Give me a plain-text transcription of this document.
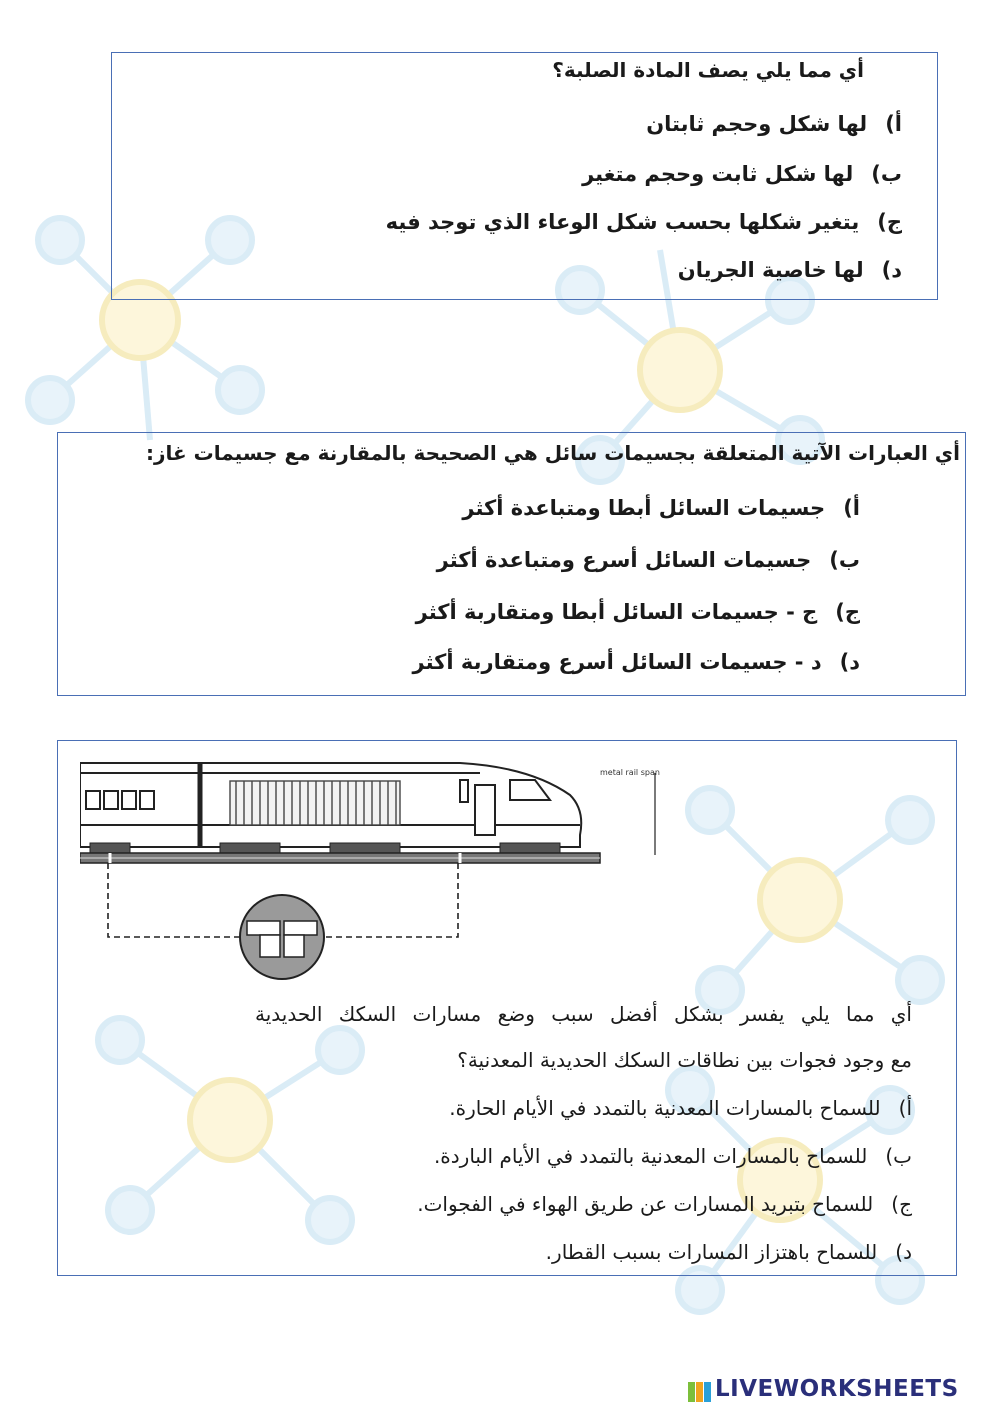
أي مما يلي يصف المادة الصلبة؟
أ)لها شكل وحجم ثابتان
ب)لها شكل ثابت وحجم متغير
ج)يتغير شكلها بحسب شكل الوعاء الذي توجد فيه
د)لها خاصية الجريان
أي العبارات الآتية المتعلقة بجسيمات سائل هي الصحيحة بالمقارنة مع جسيمات غاز:
أ)جسيمات السائل أبطا ومتباعدة أكثر
ب)جسيمات السائل أسرع ومتباعدة أكثر
ج)ج - جسيمات السائل أبطا ومتقاربة أكثر
د)د - جسيمات السائل أسرع ومتقاربة أكثر
metal rail span
أي مما يلي يفسر بشكل أفضل سبب وضع مسارات السكك الحديدية
مع وجود فجوات بين نطاقات السكك الحديدية المعدنية؟
أ)للسماح بالمسارات المعدنية بالتمدد في الأيام الحارة.
ب)للسماح بالمسارات المعدنية بالتمدد في الأيام الباردة.
ج)للسماح بتبريد المسارات عن طريق الهواء في الفجوات.
د)للسماح باهتزاز المسارات بسبب القطار.
LIVEWORKSHEETS
